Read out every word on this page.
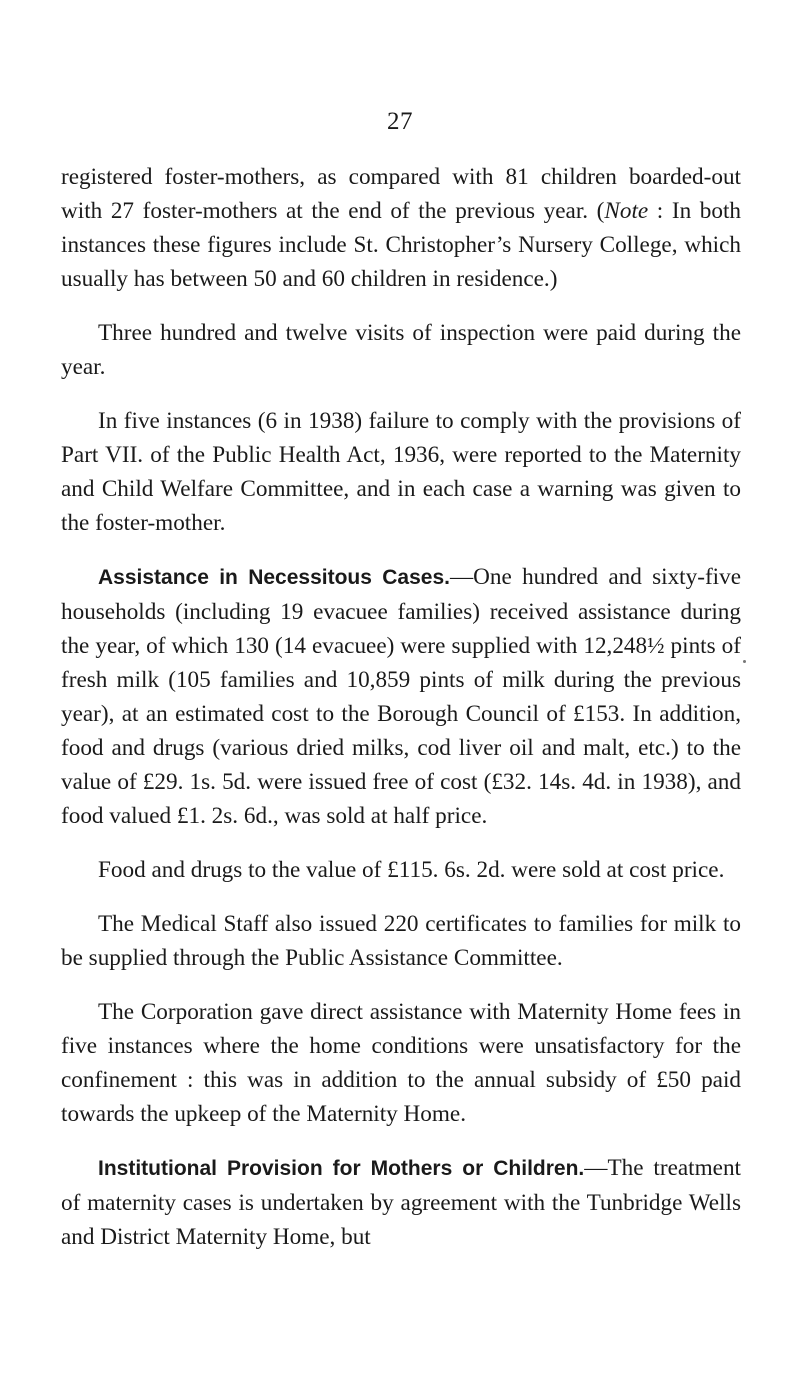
27

registered foster-mothers, as compared with 81 children boarded-out with 27 foster-mothers at the end of the previous year. (Note : In both instances these figures include St. Christopher’s Nursery College, which usually has between 50 and 60 children in residence.)

Three hundred and twelve visits of inspection were paid during the year.

In five instances (6 in 1938) failure to comply with the provisions of Part VII. of the Public Health Act, 1936, were reported to the Maternity and Child Welfare Committee, and in each case a warning was given to the foster-mother.

Assistance in Necessitous Cases.—One hundred and sixty-five households (including 19 evacuee families) received assistance during the year, of which 130 (14 evacuee) were supplied with 12,248½ pints of fresh milk (105 families and 10,859 pints of milk during the previous year), at an estimated cost to the Borough Council of £153. In addition, food and drugs (various dried milks, cod liver oil and malt, etc.) to the value of £29. 1s. 5d. were issued free of cost (£32. 14s. 4d. in 1938), and food valued £1. 2s. 6d., was sold at half price.

Food and drugs to the value of £115. 6s. 2d. were sold at cost price.

The Medical Staff also issued 220 certificates to families for milk to be supplied through the Public Assistance Committee.

The Corporation gave direct assistance with Maternity Home fees in five instances where the home conditions were unsatisfactory for the confinement : this was in addition to the annual subsidy of £50 paid towards the upkeep of the Maternity Home.

Institutional Provision for Mothers or Children.—The treatment of maternity cases is undertaken by agreement with the Tunbridge Wells and District Maternity Home, but
